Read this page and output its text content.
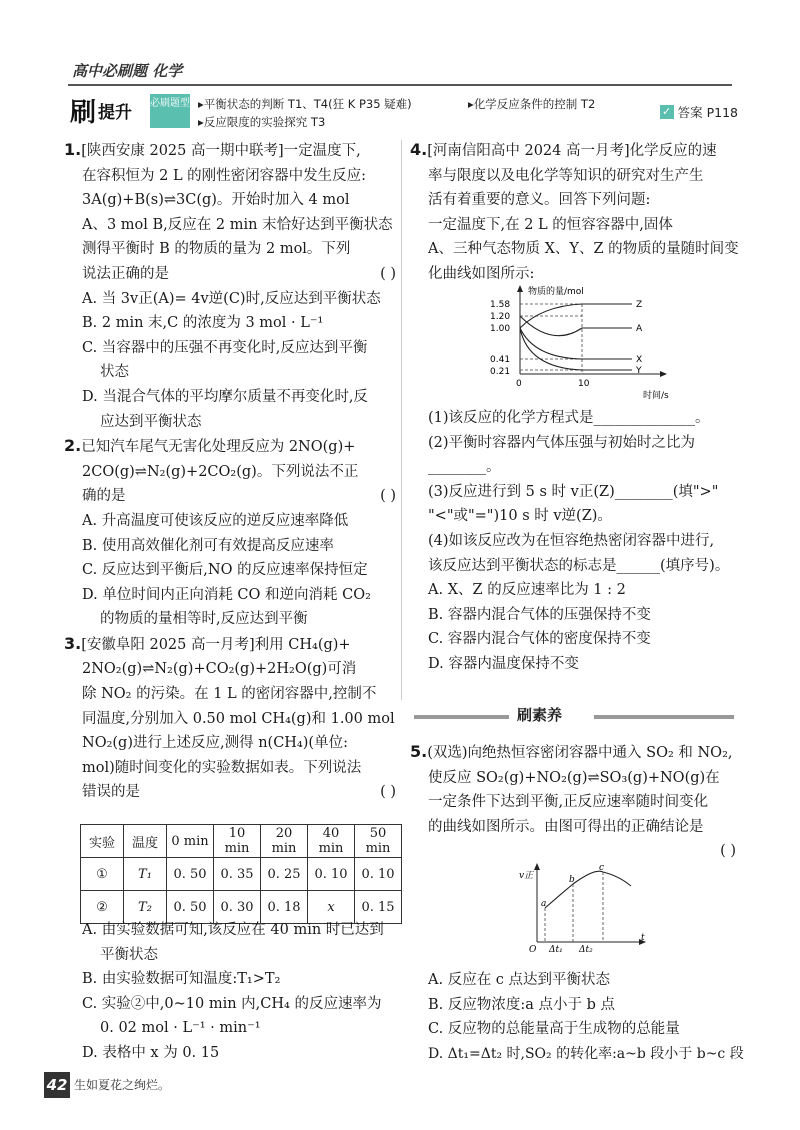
高中必刷题 化学
刷 提升 必刷题型 ▸平衡状态的判断 T1、T4(狂 K P35 疑难)	▸化学反应条件的控制 T2
▸反应限度的实验探究 T3
✓ 答案 P118

1.[陕西安康 2025 高一期中联考]一定温度下,

在容积恒为 2 L 的刚性密闭容器中发生反应:

3A(g)+B(s)⇌3C(g)。开始时加入 4 mol

A、3 mol B,反应在 2 min 末恰好达到平衡状态

测得平衡时 B 的物质的量为 2 mol。下列

说法正确的是	( )

A. 当 3v正(A)= 4v逆(C)时,反应达到平衡状态

B. 2 min 末,C 的浓度为 3 mol · L⁻¹

C. 当容器中的压强不再变化时,反应达到平衡

状态

D. 当混合气体的平均摩尔质量不再变化时,反

应达到平衡状态

2.已知汽车尾气无害化处理反应为 2NO(g)+

2CO(g)⇌N₂(g)+2CO₂(g)。下列说法不正

确的是	( )

A. 升高温度可使该反应的逆反应速率降低

B. 使用高效催化剂可有效提高反应速率

C. 反应达到平衡后,NO 的反应速率保持恒定

D. 单位时间内正向消耗 CO 和逆向消耗 CO₂

的物质的量相等时,反应达到平衡

3.[安徽阜阳 2025 高一月考]利用 CH₄(g)+

2NO₂(g)⇌N₂(g)+CO₂(g)+2H₂O(g)可消

除 NO₂ 的污染。在 1 L 的密闭容器中,控制不

同温度,分别加入 0.50 mol CH₄(g)和 1.00 mol

NO₂(g)进行上述反应,测得 n(CH₄)(单位:

mol)随时间变化的实验数据如表。下列说法

错误的是	( )

实验	温度	0 min	10 min	20 min	40 min	50 min
①	T₁	0. 50	0. 35	0. 25	0. 10	0. 10
②	T₂	0. 50	0. 30	0. 18	x	0. 15

A. 由实验数据可知,该反应在 40 min 时已达到

平衡状态

B. 由实验数据可知温度:T₁>T₂

C. 实验②中,0~10 min 内,CH₄ 的反应速率为

0. 02 mol · L⁻¹ · min⁻¹

D. 表格中 x 为 0. 15

4.[河南信阳高中 2024 高一月考]化学反应的速

率与限度以及电化学等知识的研究对生产生

活有着重要的意义。回答下列问题:

一定温度下,在 2 L 的恒容容器中,固体

A、三种气态物质 X、Y、Z 的物质的量随时间变

化曲线如图所示:

物质的量/mol
时间/s
1.58
1.20
1.00
0.41
0.21
0	10
Z
A
X
Y

(1)该反应的化学方程式是______________。

(2)平衡时容器内气体压强与初始时之比为

________。

(3)反应进行到 5 s 时 v正(Z)________(填">"

"<"或"=")10 s 时 v逆(Z)。

(4)如该反应改为在恒容绝热密闭容器中进行,

该反应达到平衡状态的标志是______(填序号)。

A. X、Z 的反应速率比为 1 : 2

B. 容器内混合气体的压强保持不变

C. 容器内混合气体的密度保持不变

D. 容器内温度保持不变

刷素养

5.(双选)向绝热恒容密闭容器中通入 SO₂ 和 NO₂,

使反应 SO₂(g)+NO₂(g)⇌SO₃(g)+NO(g)在

一定条件下达到平衡,正反应速率随时间变化

的曲线如图所示。由图可得出的正确结论是

( )

v正
a
b
c
O Δt₁ Δt₂
t

A. 反应在 c 点达到平衡状态

B. 反应物浓度:a 点小于 b 点

C. 反应物的总能量高于生成物的总能量

D. Δt₁=Δt₂ 时,SO₂ 的转化率:a~b 段小于 b~c 段

42 生如夏花之绚烂。
